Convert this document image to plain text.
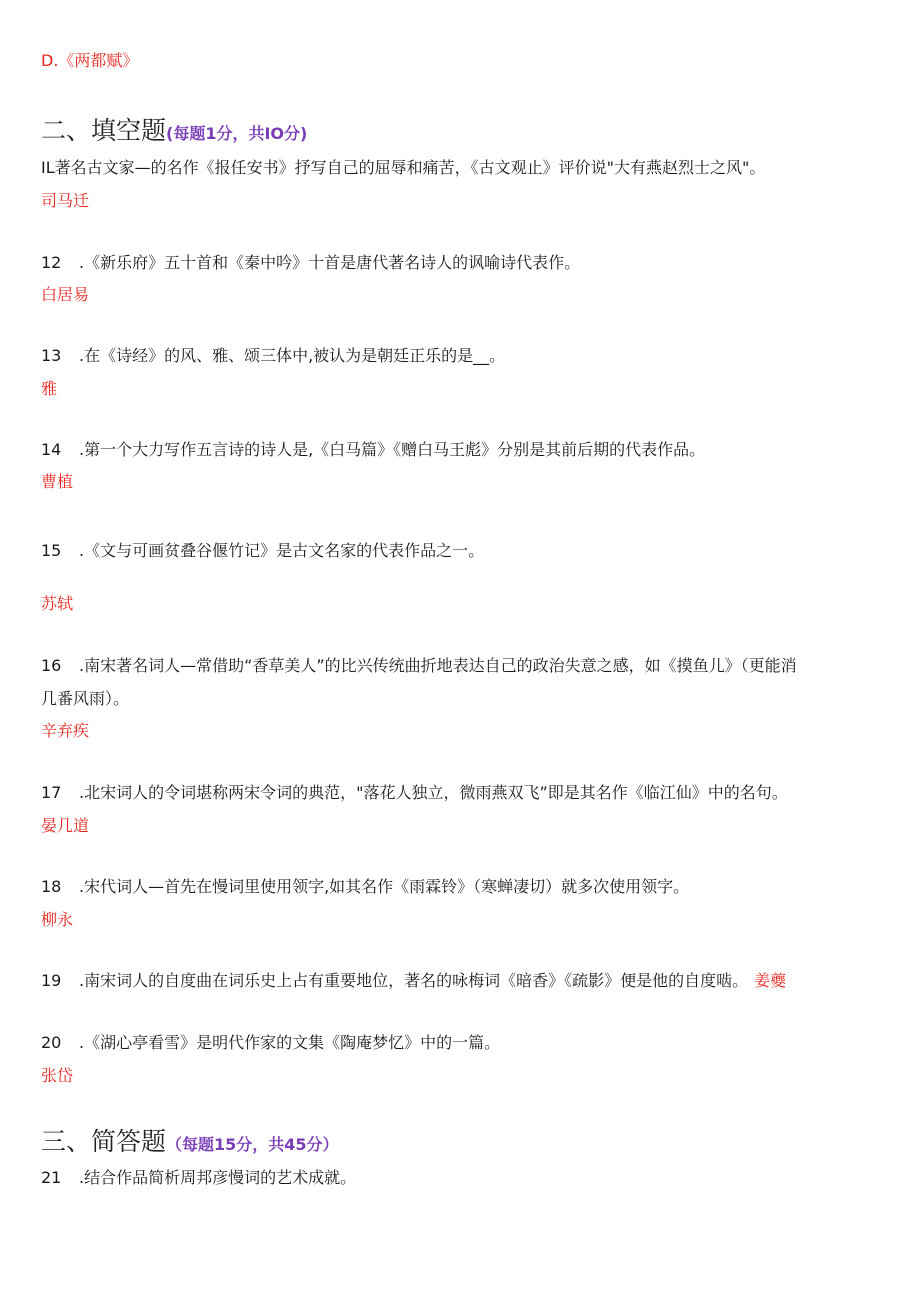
D.《两都赋》
二、填空题(每题1分，共IO分)
IL著名古文家—的名作《报任安书》抒写自己的屈辱和痛苦，《古文观止》评价说"大有燕赵烈士之风"。
司马迁
12 .《新乐府》五十首和《秦中吟》十首是唐代著名诗人的讽喻诗代表作。
白居易
13 .在《诗经》的风、雅、颂三体中,被认为是朝廷正乐的是__。
雅
14 .第一个大力写作五言诗的诗人是,《白马篇》《赠白马王彪》分别是其前后期的代表作品。
曹植
15 .《文与可画贫叠谷偃竹记》是古文名家的代表作品之一。
苏轼
16 .南宋著名词人—常借助“香草美人”的比兴传统曲折地表达自己的政治失意之感，如《摸鱼儿》（更能消
几番风雨）。
辛弃疾
17 .北宋词人的令词堪称两宋令词的典范，"落花人独立，微雨燕双飞”即是其名作《临江仙》中的名句。
晏几道
18 .宋代词人—首先在慢词里使用领字,如其名作《雨霖铃》（寒蝉凄切）就多次使用领字。
柳永
19 .南宋词人的自度曲在词乐史上占有重要地位，著名的咏梅词《暗香》《疏影》便是他的自度啮。 姜夔
20 .《湖心亭看雪》是明代作家的文集《陶庵梦忆》中的一篇。
张岱
三、简答题（每题15分，共45分）
21 .结合作品简析周邦彦慢词的艺术成就。
